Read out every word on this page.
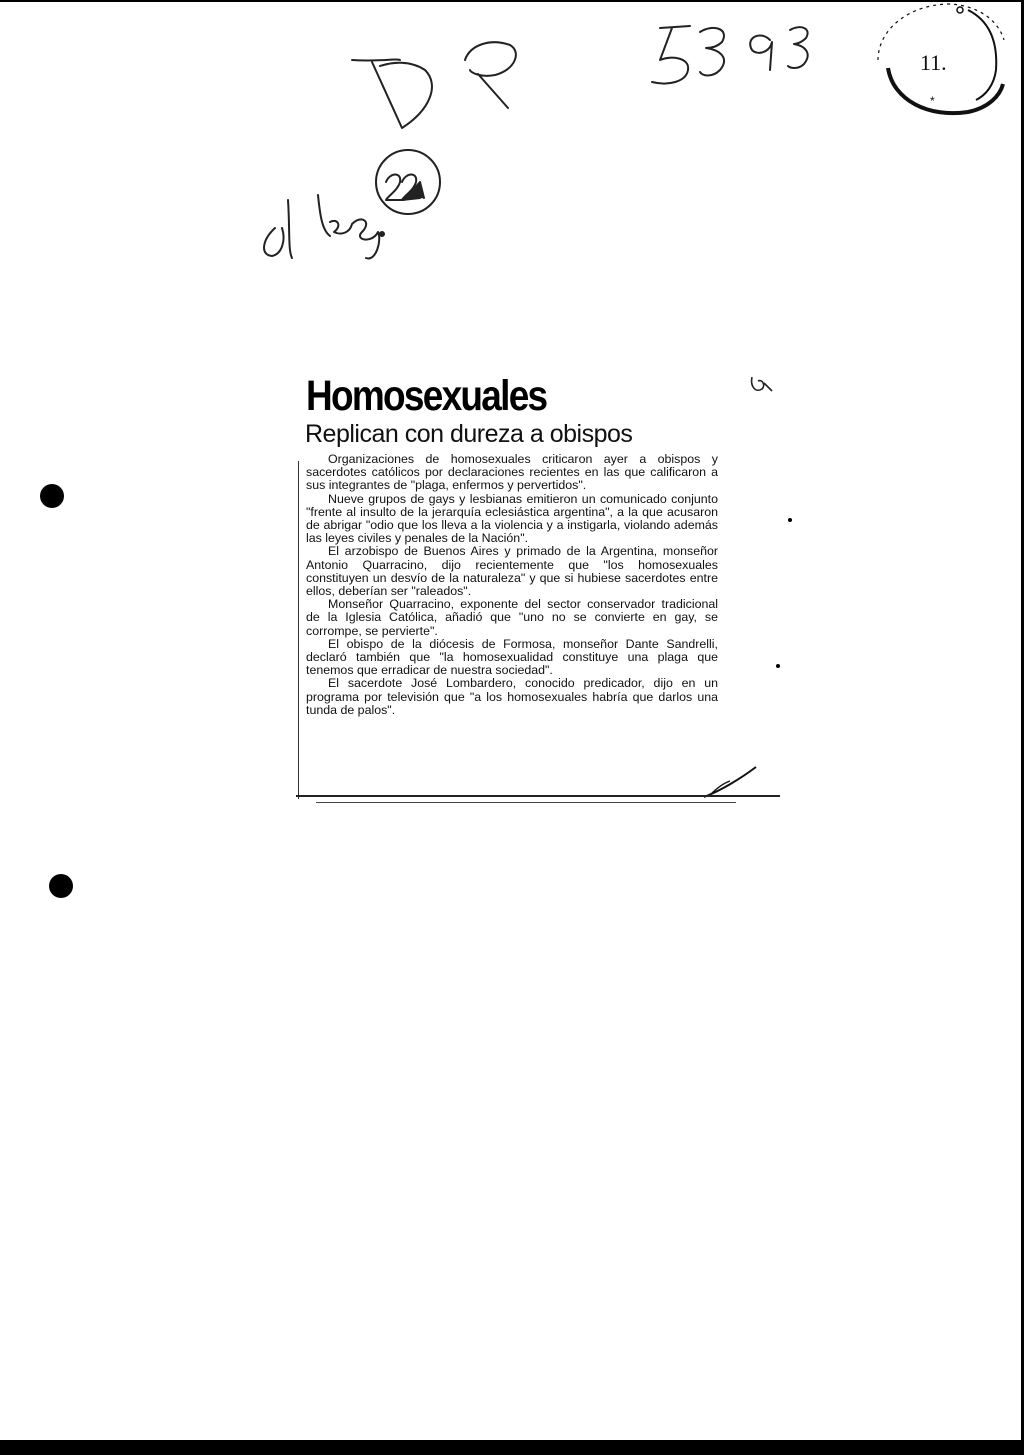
11.
*
Homosexuales
Replican con dureza a obispos

Organizaciones de homosexuales criticaron ayer a obispos y sacerdotes católicos por declaraciones recientes en las que calificaron a sus integrantes de "plaga, enfermos y pervertidos".

Nueve grupos de gays y lesbianas emitieron un comunicado conjunto "frente al insulto de la jerarquía eclesiástica argentina", a la que acusaron de abrigar "odio que los lleva a la violencia y a instigarla, violando además las leyes civiles y penales de la Nación".

El arzobispo de Buenos Aires y primado de la Argentina, monseñor Antonio Quarracino, dijo recientemente que "los homosexuales constituyen un desvío de la naturaleza" y que si hubiese sacerdotes entre ellos, deberían ser "raleados".

Monseñor Quarracino, exponente del sector conservador tradicional de la Iglesia Católica, añadió que "uno no se convierte en gay, se corrompe, se pervierte".

El obispo de la diócesis de Formosa, monseñor Dante Sandrelli, declaró también que "la homosexualidad constituye una plaga que tenemos que erradicar de nuestra sociedad".

El sacerdote José Lombardero, conocido predicador, dijo en un programa por televisión que "a los homosexuales habría que darlos una tunda de palos".
